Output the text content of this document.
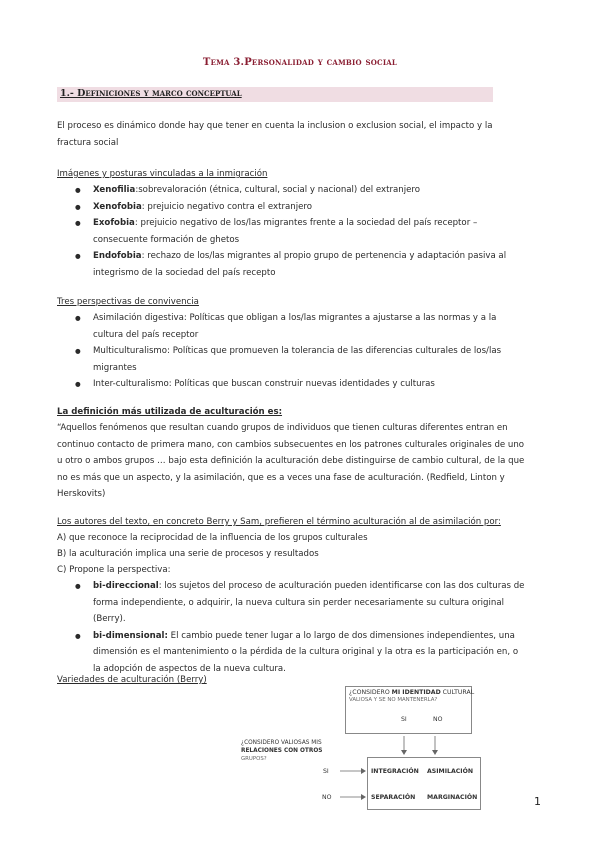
Tema 3.Personalidad y cambio social
1.- Definiciones y marco conceptual
El proceso es dinámico donde hay que tener en cuenta la inclusion o exclusion social, el impacto y la
fractura social
Imágenes y posturas vinculadas a la inmigración
● Xenofilia:sobrevaloración (étnica, cultural, social y nacional) del extranjero
● Xenofobia: prejuicio negativo contra el extranjero
● Exofobia: prejuicio negativo de los/las migrantes frente a la sociedad del país receptor –
consecuente formación de ghetos
● Endofobia: rechazo de los/las migrantes al propio grupo de pertenencia y adaptación pasiva al
integrismo de la sociedad del país recepto
Tres perspectivas de convivencia
● Asimilación digestiva: Políticas que obligan a los/las migrantes a ajustarse a las normas y a la
cultura del país receptor
● Multiculturalismo: Políticas que promueven la tolerancia de las diferencias culturales de los/las
migrantes
● Inter-culturalismo: Políticas que buscan construir nuevas identidades y culturas
La definición más utilizada de aculturación es:
“Aquellos fenómenos que resultan cuando grupos de individuos que tienen culturas diferentes entran en
continuo contacto de primera mano, con cambios subsecuentes en los patrones culturales originales de uno
u otro o ambos grupos … bajo esta definición la aculturación debe distinguirse de cambio cultural, de la que
no es más que un aspecto, y la asimilación, que es a veces una fase de aculturación. (Redfield, Linton y
Herskovits)
Los autores del texto, en concreto Berry y Sam, prefieren el término aculturación al de asimilación por:
A) que reconoce la reciprocidad de la influencia de los grupos culturales
B) la aculturación implica una serie de procesos y resultados
C) Propone la perspectiva:
● bi-direccional: los sujetos del proceso de aculturación pueden identificarse con las dos culturas de
forma independiente, o adquirir, la nueva cultura sin perder necesariamente su cultura original
(Berry).
● bi-dimensional: El cambio puede tener lugar a lo largo de dos dimensiones independientes, una
dimensión es el mantenimiento o la pérdida de la cultura original y la otra es la participación en, o
la adopción de aspectos de la nueva cultura.
Variedades de aculturación (Berry)
¿CONSIDERO MI IDENTIDAD CULTURAL
VALIOSA Y SE NO MANTENERLA?
SI	NO
¿CONSIDERO VALIOSAS MIS
RELACIONES CON OTROS
GRUPOS?
SI
NO
INTEGRACIÓN ASIMILACIÓN
SEPARACIÓN MARGINACIÓN	1
